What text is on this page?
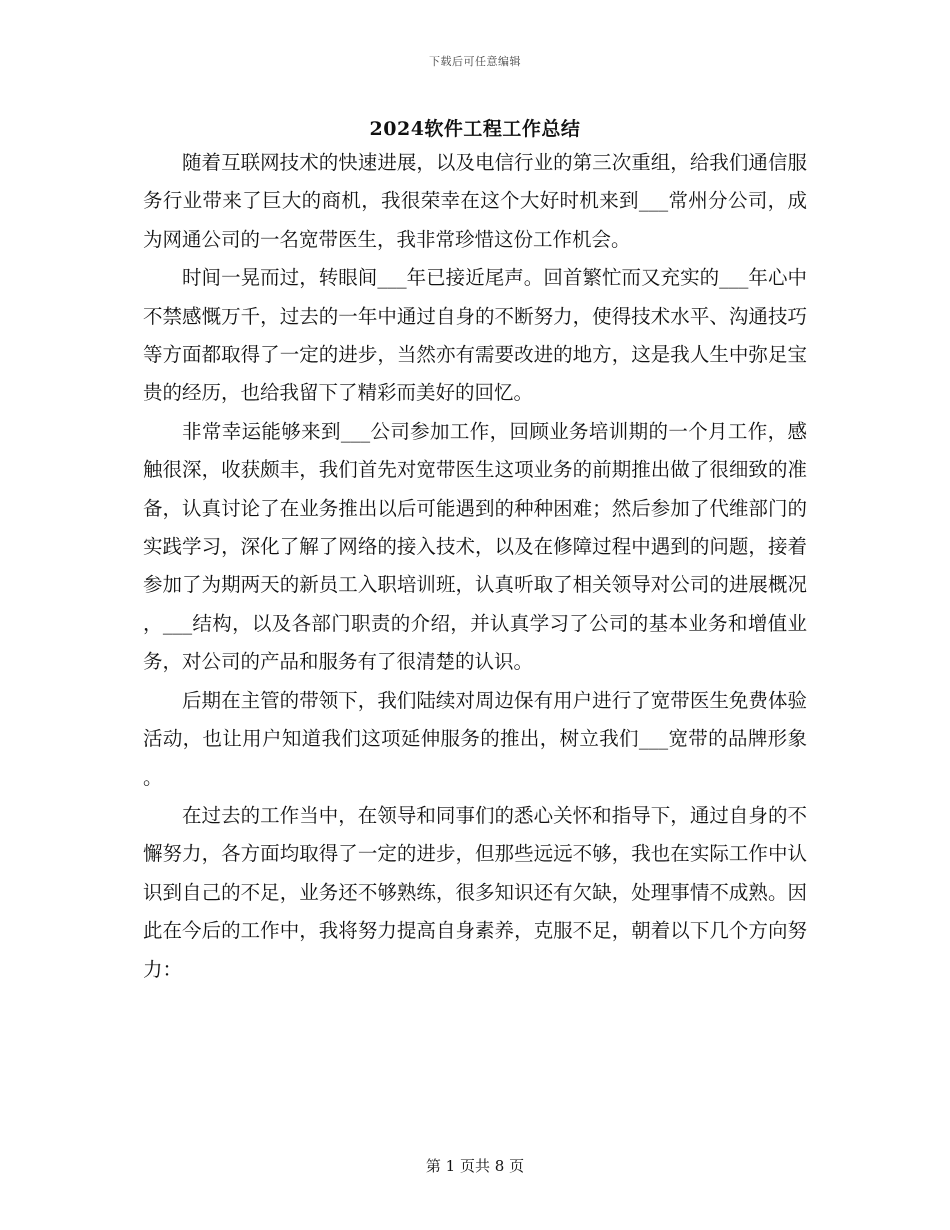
下载后可任意编辑
2024软件工程工作总结

随着互联网技术的快速进展，以及电信行业的第三次重组，给我们通信服务行业带来了巨大的商机，我很荣幸在这个大好时机来到___常州分公司，成为网通公司的一名宽带医生，我非常珍惜这份工作机会。

时间一晃而过，转眼间___年已接近尾声。回首繁忙而又充实的___年心中不禁感慨万千，过去的一年中通过自身的不断努力，使得技术水平、沟通技巧等方面都取得了一定的进步，当然亦有需要改进的地方，这是我人生中弥足宝贵的经历，也给我留下了精彩而美好的回忆。

非常幸运能够来到___公司参加工作，回顾业务培训期的一个月工作，感触很深，收获颇丰，我们首先对宽带医生这项业务的前期推出做了很细致的准备，认真讨论了在业务推出以后可能遇到的种种困难；然后参加了代维部门的实践学习，深化了解了网络的接入技术，以及在修障过程中遇到的问题，接着参加了为期两天的新员工入职培训班，认真听取了相关领导对公司的进展概况，___结构，以及各部门职责的介绍，并认真学习了公司的基本业务和增值业务，对公司的产品和服务有了很清楚的认识。

后期在主管的带领下，我们陆续对周边保有用户进行了宽带医生免费体验活动，也让用户知道我们这项延伸服务的推出，树立我们___宽带的品牌形象。

在过去的工作当中，在领导和同事们的悉心关怀和指导下，通过自身的不懈努力，各方面均取得了一定的进步，但那些远远不够，我也在实际工作中认识到自己的不足，业务还不够熟练，很多知识还有欠缺，处理事情不成熟。因此在今后的工作中，我将努力提高自身素养，克服不足，朝着以下几个方向努力：

第 1 页共 8 页
